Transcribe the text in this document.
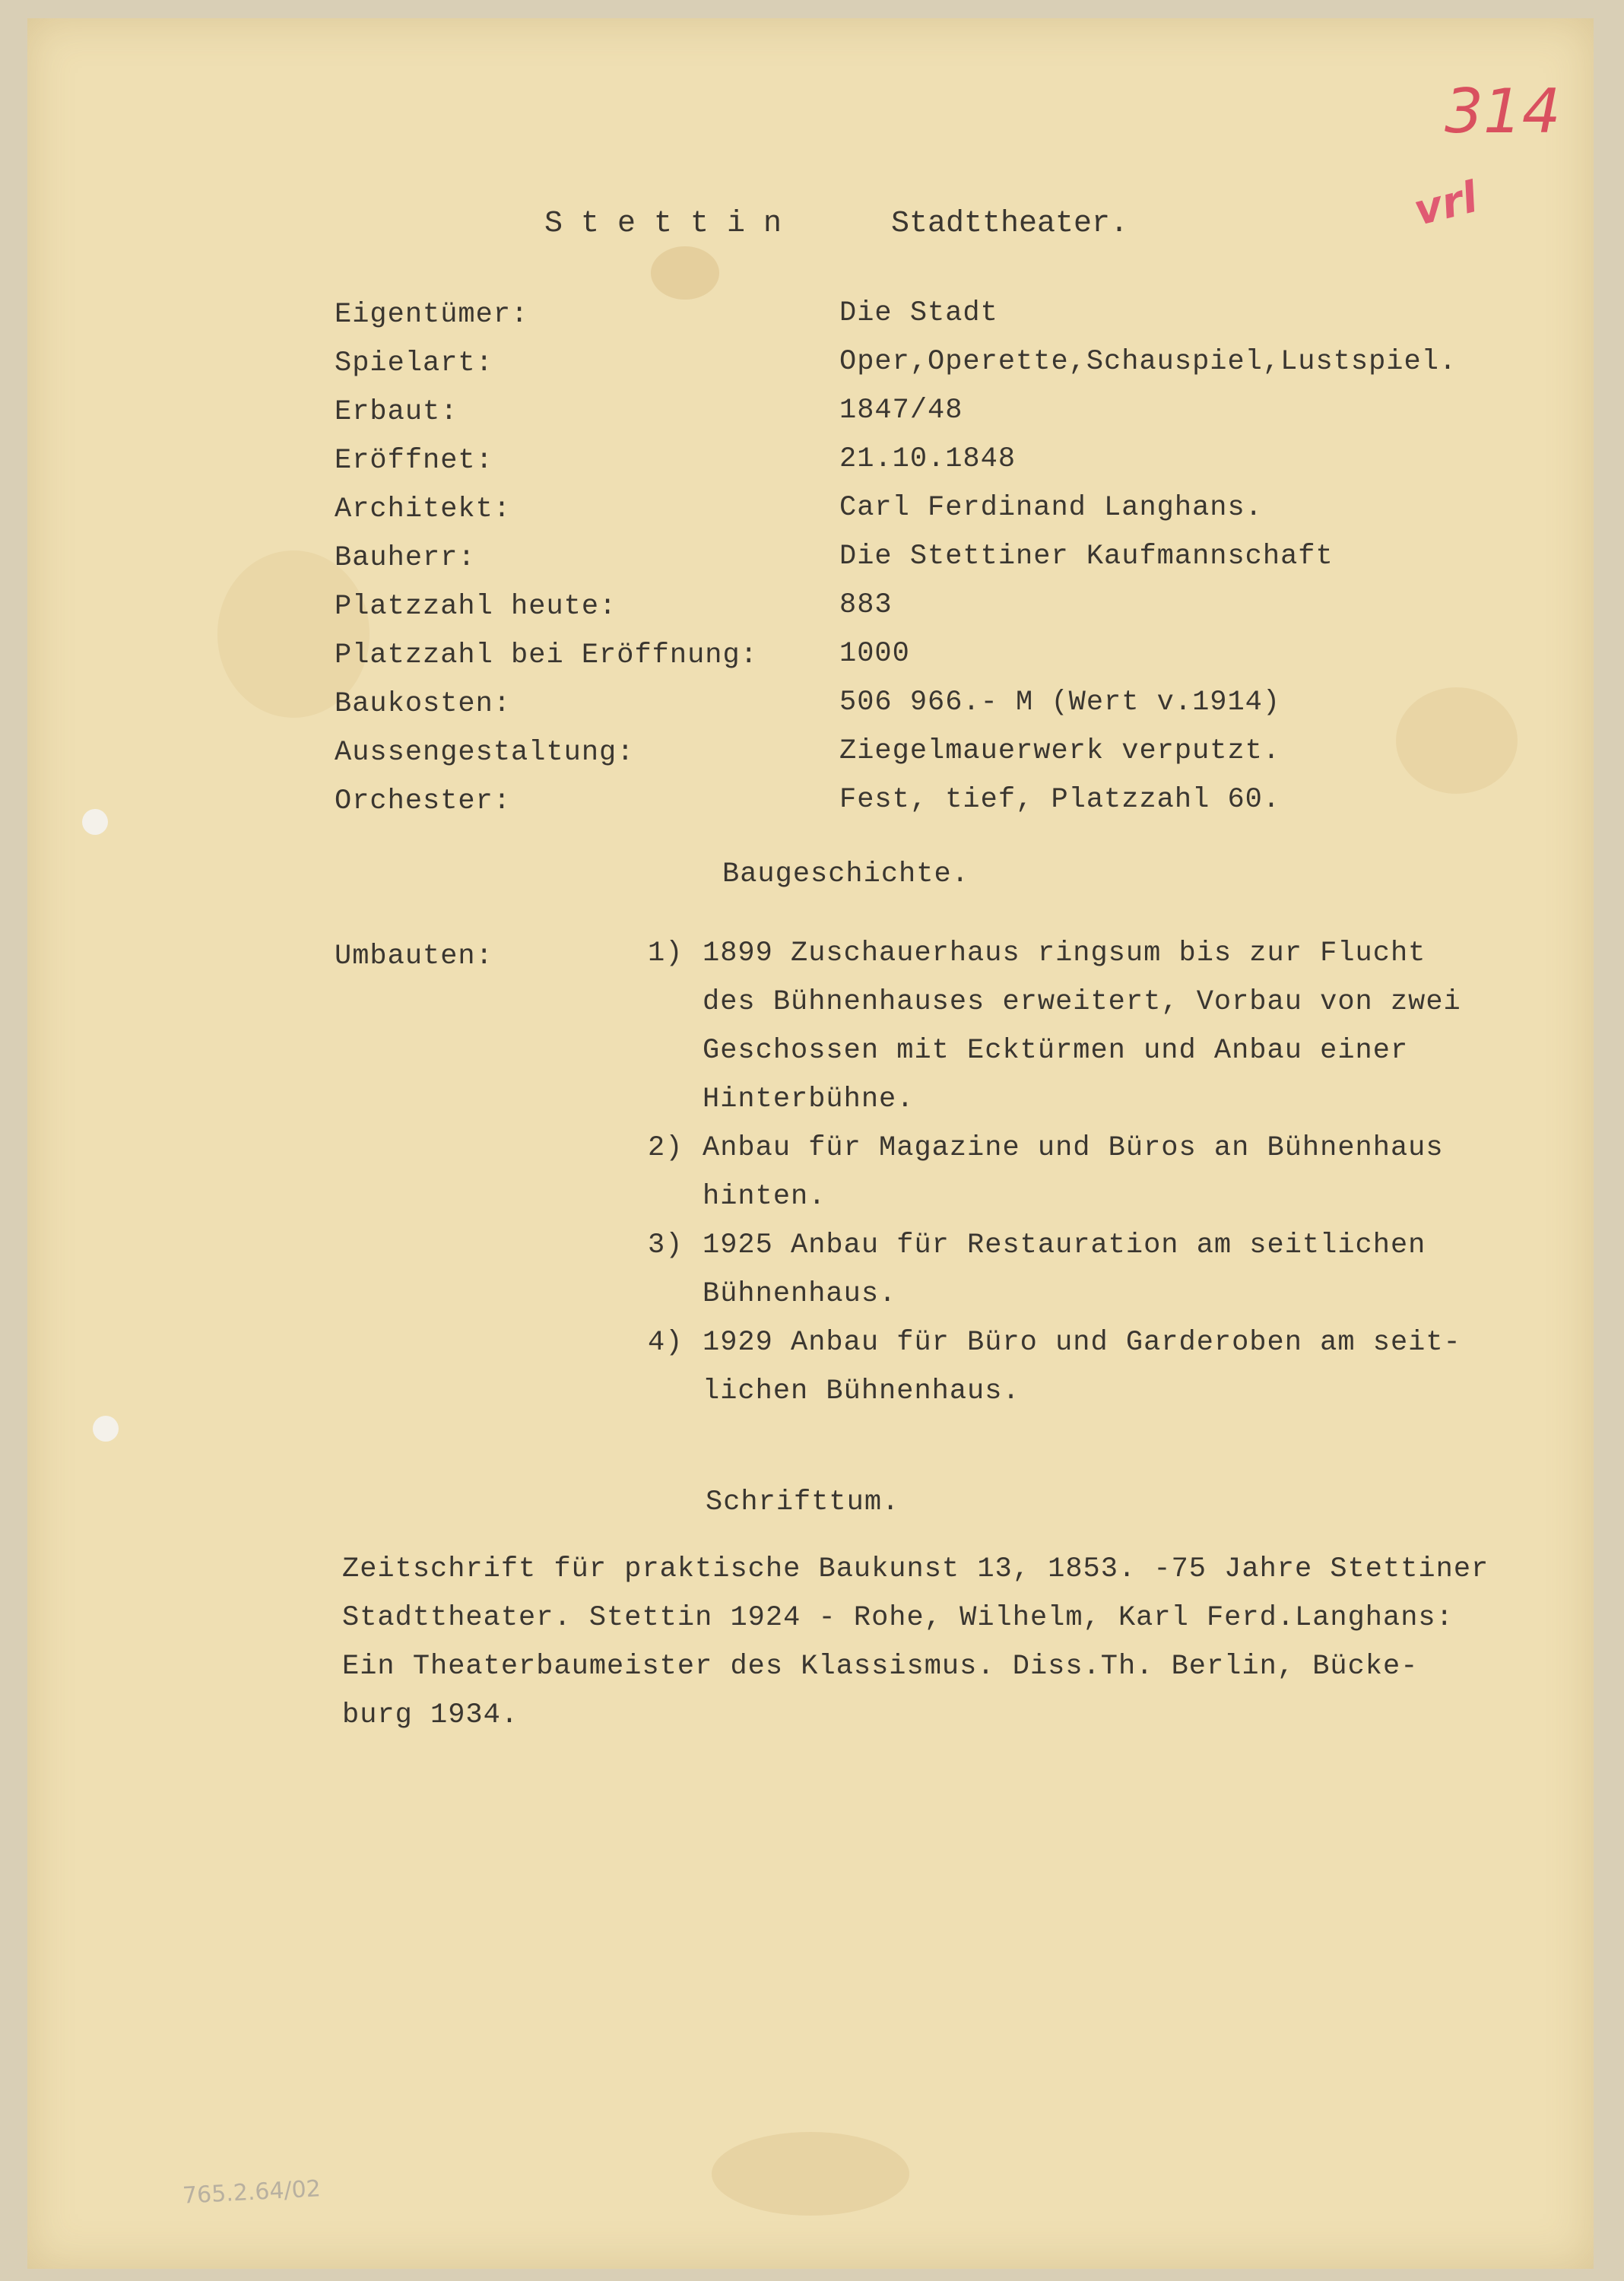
314
vrl
765.2.64/02
S t e t t i n	Stadttheater.
Eigentümer:	Die Stadt
Spielart:	Oper,Operette,Schauspiel,Lustspiel.
Erbaut:	1847/48
Eröffnet:	21.10.1848
Architekt:	Carl Ferdinand Langhans.
Bauherr:	Die Stettiner Kaufmannschaft
Platzzahl heute:	883
Platzzahl bei Eröffnung:	1000
Baukosten:	506 966.- M (Wert v.1914)
Aussengestaltung:	Ziegelmauerwerk verputzt.
Orchester:	Fest, tief, Platzzahl 60.
Baugeschichte.
Umbauten:	1) 1899 Zuschauerhaus ringsum bis zur Flucht
des Bühnenhauses erweitert, Vorbau von zwei
Geschossen mit Ecktürmen und Anbau einer
Hinterbühne.
2) Anbau für Magazine und Büros an Bühnenhaus
hinten.
3) 1925 Anbau für Restauration am seitlichen
Bühnenhaus.
4) 1929 Anbau für Büro und Garderoben am seit-
lichen Bühnenhaus.
Schrifttum.
Zeitschrift für praktische Baukunst 13, 1853. -75 Jahre Stettiner
Stadttheater. Stettin 1924 - Rohe, Wilhelm, Karl Ferd.Langhans:
Ein Theaterbaumeister des Klassismus. Diss.Th. Berlin, Bücke-
burg 1934.
